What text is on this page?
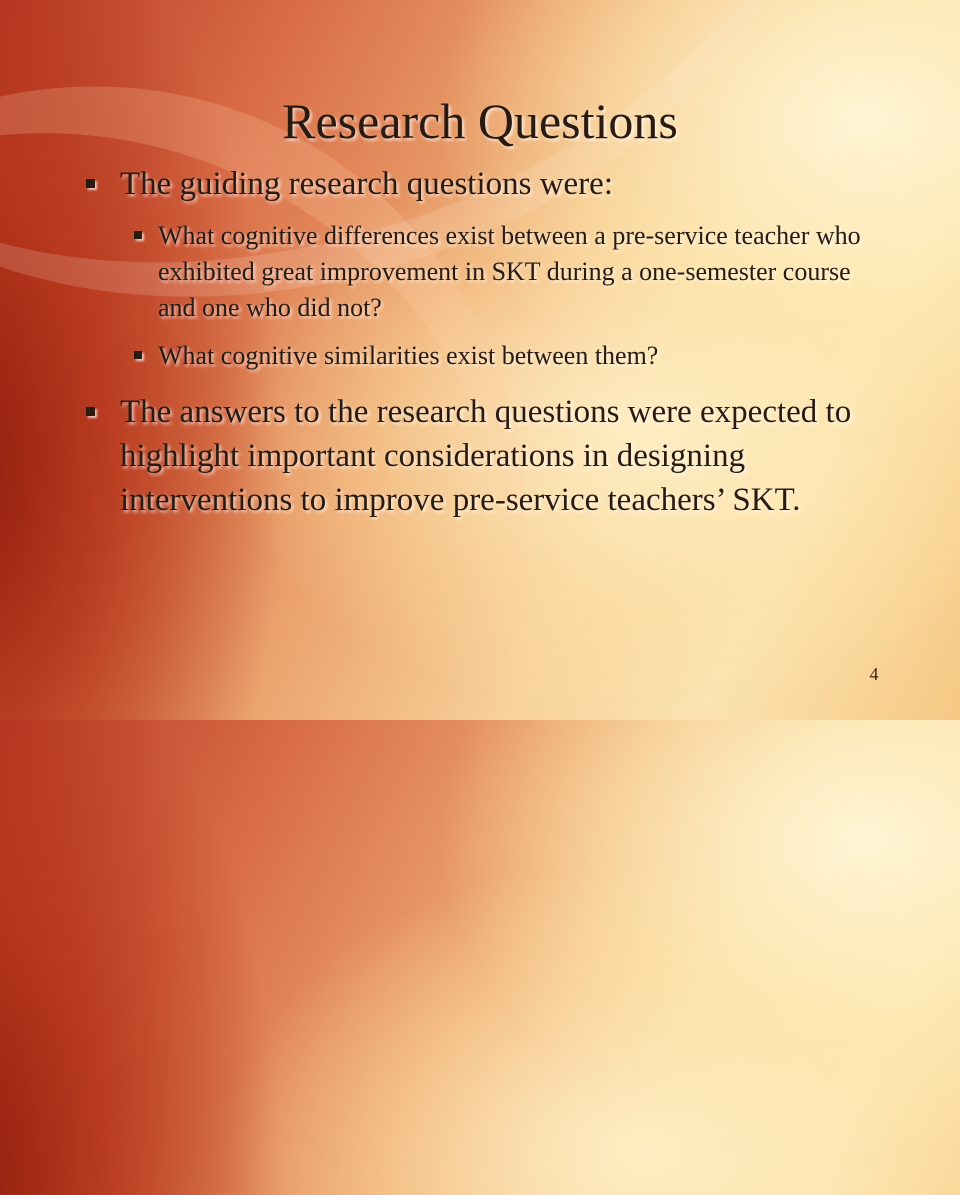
Research Questions
The guiding research questions were:
What cognitive differences exist between a pre-service teacher who exhibited great improvement in SKT during a one-semester course and one who did not?
What cognitive similarities exist between them?
The answers to the research questions were expected to highlight important considerations in designing interventions to improve pre-service teachers’ SKT.
4
